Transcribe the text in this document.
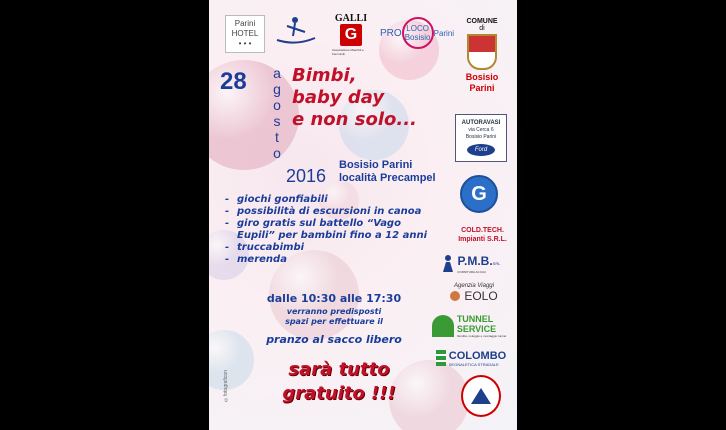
Parini
HOTEL
• • •
GALLI
G
Associazione Maschili e Femminili
PRO LOCO
Bosisio Parini
COMUNE
di
Bosisio
Parini
28 a
g
o
s
t
o
Bimbi,
baby day
e non solo...
2016
Bosisio Parini
località Precampel
- giochi gonfiabili
- possibilità di escursioni in canoa
- giro gratis sul battello “Vago Eupili” per bambini fino a 12 anni
- truccabimbi
- merenda
dalle 10:30 alle 17:30
verranno predisposti
spazi per effettuare il
pranzo al sacco libero
sarà tutto
gratuito !!!
©fotograficon
AUTORAVASI
via Cerca 6
Bosisio Parini
Ford
G
COLD.TECH.
Impianti S.R.L.
P.M.B.SRL
FORNITURA ACCIAI
Agenzia Viaggi
EOLO
TUNNEL
SERVICE
Vendita, noleggio e montaggio tunnel
COLOMBO
SEGNALETICA STRADALE
